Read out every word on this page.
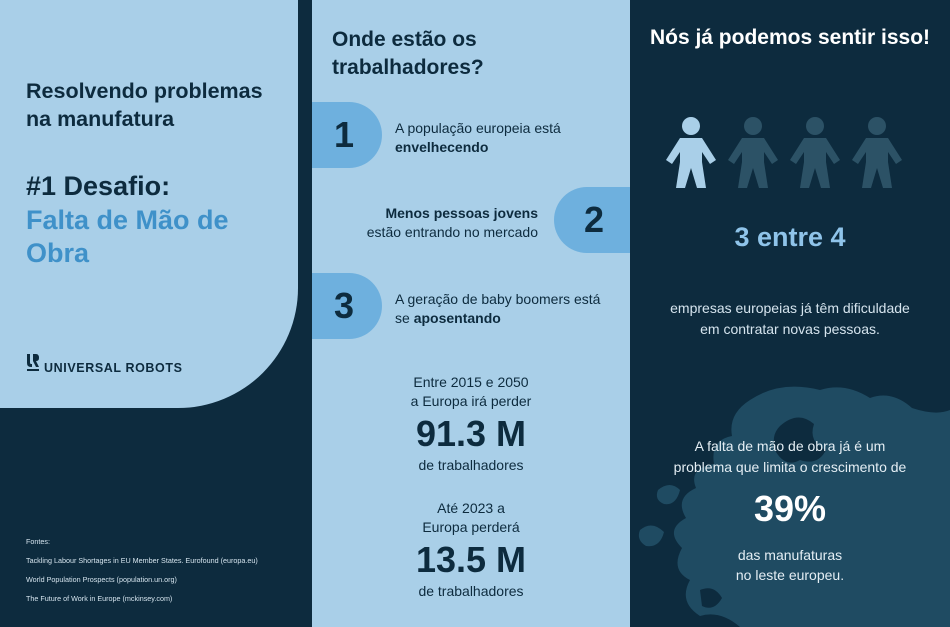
Resolvendo problemas na manufatura
#1 Desafio:
Falta de Mão de Obra
UNIVERSAL ROBOTS
Fontes:
Tackling Labour Shortages in EU Member States. Eurofound (europa.eu)
World Population Prospects (population.un.org)
The Future of Work in Europe (mckinsey.com)
Onde estão os trabalhadores?
1	A população europeia está envelhecendo
2
Menos pessoas jovens
estão entrando no mercado
3	A geração de baby boomers está se aposentando
Entre 2015 e 2050
a Europa irá perder
91.3 M
de trabalhadores
Até 2023 a
Europa perderá
13.5 M
de trabalhadores
Nós já podemos sentir isso!
3 entre 4
empresas europeias já têm dificuldade
em contratar novas pessoas.
A falta de mão de obra já é um
problema que limita o crescimento de
39%
das manufaturas
no leste europeu.
